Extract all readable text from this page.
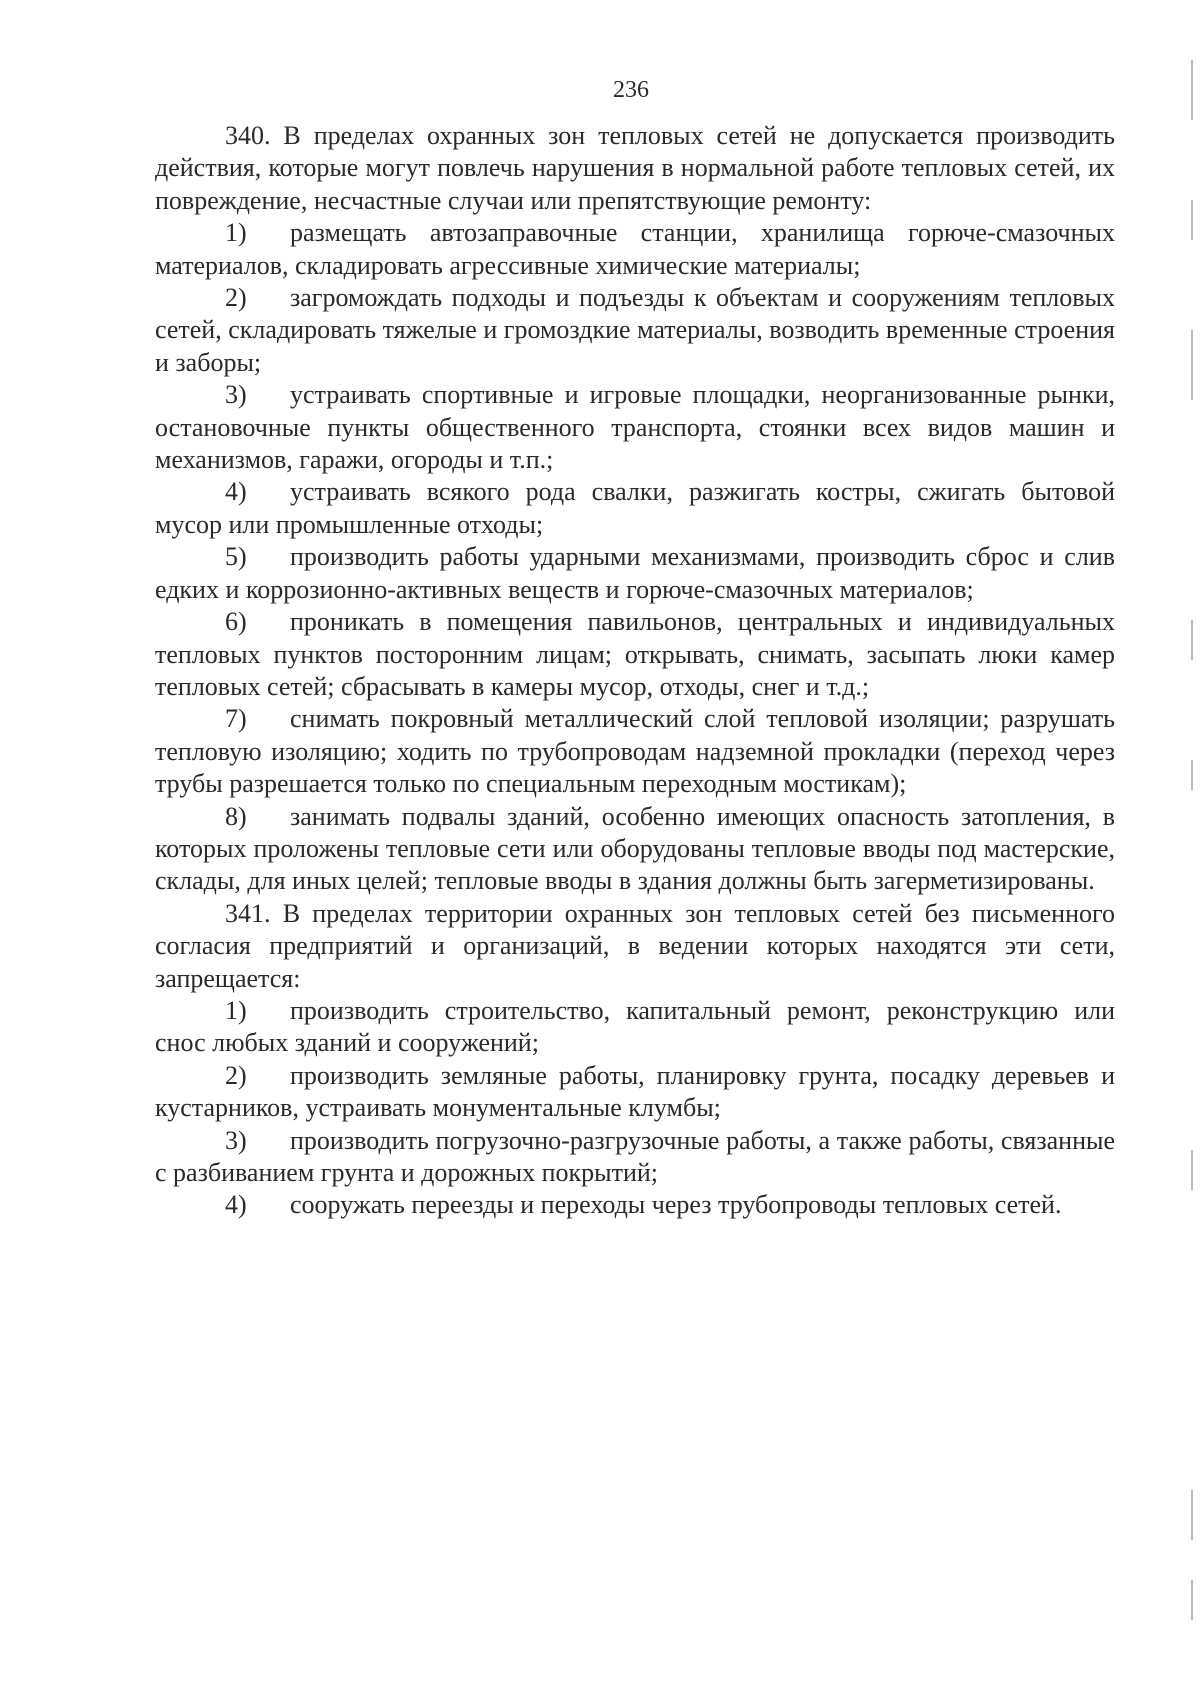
236

340. В пределах охранных зон тепловых сетей не допускается производить действия, которые могут повлечь нарушения в нормальной работе тепловых сетей, их повреждение, несчастные случаи или препятствующие ремонту:

1) размещать автозаправочные станции, хранилища горюче-смазочных материалов, складировать агрессивные химические материалы;

2) загромождать подходы и подъезды к объектам и сооружениям тепловых сетей, складировать тяжелые и громоздкие материалы, возводить временные строения и заборы;

3) устраивать спортивные и игровые площадки, неорганизованные рынки, остановочные пункты общественного транспорта, стоянки всех видов машин и механизмов, гаражи, огороды и т.п.;

4) устраивать всякого рода свалки, разжигать костры, сжигать бытовой мусор или промышленные отходы;

5) производить работы ударными механизмами, производить сброс и слив едких и коррозионно-активных веществ и горюче-смазочных материалов;

6) проникать в помещения павильонов, центральных и индивидуальных тепловых пунктов посторонним лицам; открывать, снимать, засыпать люки камер тепловых сетей; сбрасывать в камеры мусор, отходы, снег и т.д.;

7) снимать покровный металлический слой тепловой изоляции; разрушать тепловую изоляцию; ходить по трубопроводам надземной прокладки (переход через трубы разрешается только по специальным переходным мостикам);

8) занимать подвалы зданий, особенно имеющих опасность затопления, в которых проложены тепловые сети или оборудованы тепловые вводы под мастерские, склады, для иных целей; тепловые вводы в здания должны быть загерметизированы.

341. В пределах территории охранных зон тепловых сетей без письменного согласия предприятий и организаций, в ведении которых находятся эти сети, запрещается:

1) производить строительство, капитальный ремонт, реконструкцию или снос любых зданий и сооружений;

2) производить земляные работы, планировку грунта, посадку деревьев и кустарников, устраивать монументальные клумбы;

3) производить погрузочно-разгрузочные работы, а также работы, связанные с разбиванием грунта и дорожных покрытий;

4) сооружать переезды и переходы через трубопроводы тепловых сетей.
